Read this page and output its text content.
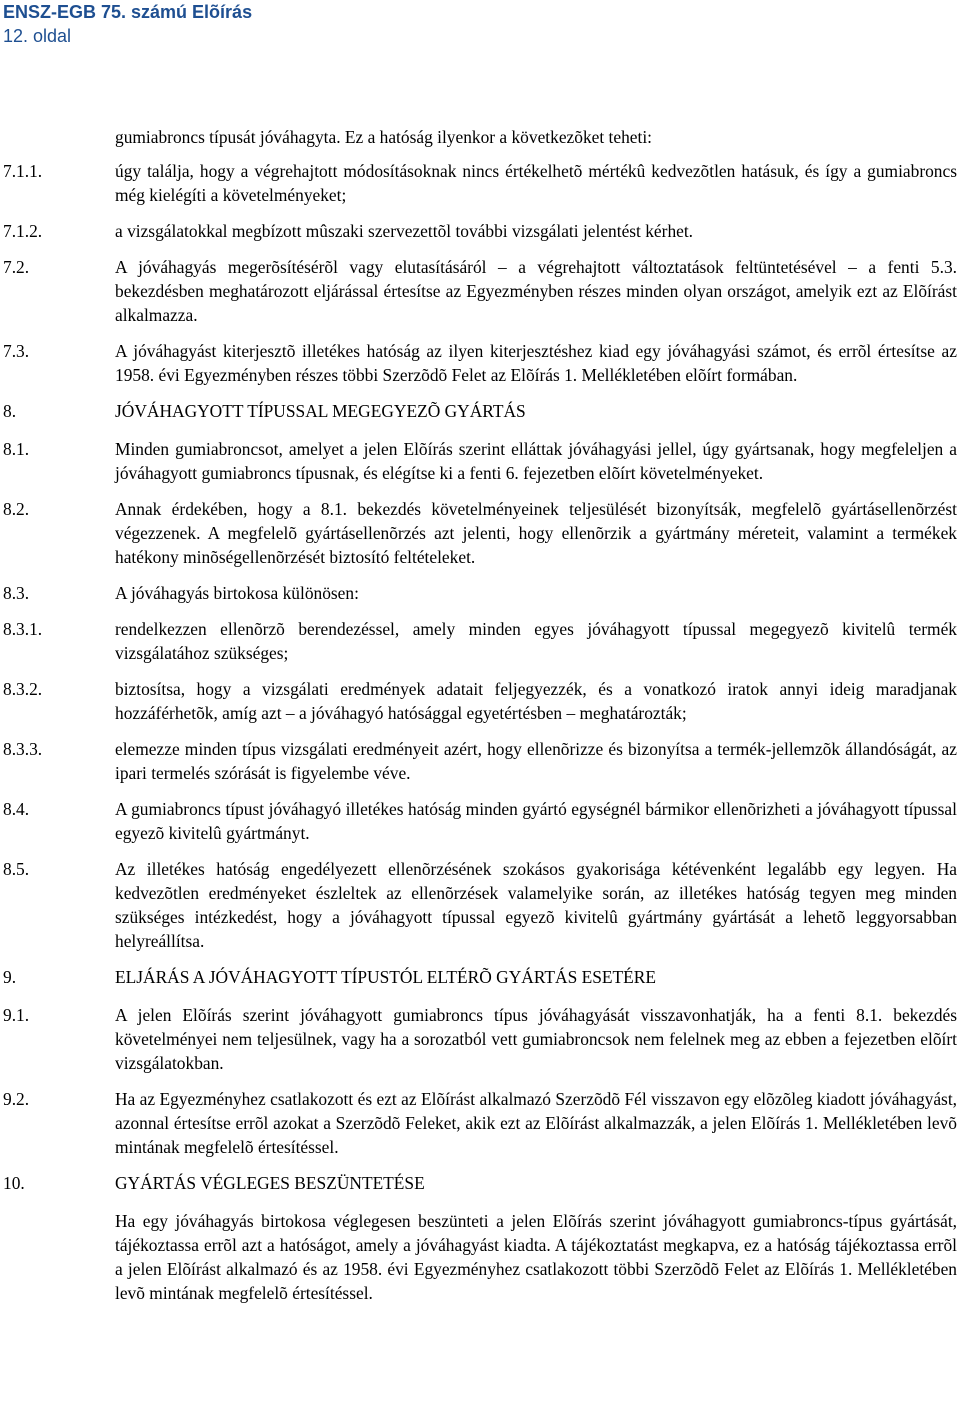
ENSZ-EGB 75. számú Elõírás
12. oldal
gumiabroncs típusát jóváhagyta. Ez a hatóság ilyenkor a következõket teheti:
7.1.1.	úgy találja, hogy a végrehajtott módosításoknak nincs értékelhetõ mértékû kedvezõtlen hatásuk, és így a gumiabroncs még kielégíti a követelményeket;
7.1.2.	a vizsgálatokkal megbízott mûszaki szervezettõl további vizsgálati jelentést kérhet.
7.2.	A jóváhagyás megerõsítésérõl vagy elutasításáról – a végrehajtott változtatások feltüntetésével – a fenti 5.3. bekezdésben meghatározott eljárással értesítse az Egyezményben részes minden olyan országot, amelyik ezt az Elõírást alkalmazza.
7.3.	A jóváhagyást kiterjesztõ illetékes hatóság az ilyen kiterjesztéshez kiad egy jóváhagyási számot, és errõl értesítse az 1958. évi Egyezményben részes többi Szerzõdõ Felet az Elõírás 1. Mellékletében elõírt formában.
8.	JÓVÁHAGYOTT TÍPUSSAL MEGEGYEZÕ GYÁRTÁS
8.1.	Minden gumiabroncsot, amelyet a jelen Elõírás szerint elláttak jóváhagyási jellel, úgy gyártsanak, hogy megfeleljen a jóváhagyott gumiabroncs típusnak, és elégítse ki a fenti 6. fejezetben elõírt követelményeket.
8.2.	Annak érdekében, hogy a 8.1. bekezdés követelményeinek teljesülését bizonyítsák, megfelelõ gyártásellenõrzést végezzenek. A megfelelõ gyártásellenõrzés azt jelenti, hogy ellenõrzik a gyártmány méreteit, valamint a termékek hatékony minõségellenõrzését biztosító feltételeket.
8.3.	A jóváhagyás birtokosa különösen:
8.3.1.	rendelkezzen ellenõrzõ berendezéssel, amely minden egyes jóváhagyott típussal megegyezõ kivitelû termék vizsgálatához szükséges;
8.3.2.	biztosítsa, hogy a vizsgálati eredmények adatait feljegyezzék, és a vonatkozó iratok annyi ideig maradjanak hozzáférhetõk, amíg azt – a jóváhagyó hatósággal egyetértésben – meghatározták;
8.3.3.	elemezze minden típus vizsgálati eredményeit azért, hogy ellenõrizze és bizonyítsa a termék-jellemzõk állandóságát, az ipari termelés szórását is figyelembe véve.
8.4.	A gumiabroncs típust jóváhagyó illetékes hatóság minden gyártó egységnél bármikor ellenõrizheti a jóváhagyott típussal egyezõ kivitelû gyártmányt.
8.5.	Az illetékes hatóság engedélyezett ellenõrzésének szokásos gyakorisága kétévenként legalább egy legyen. Ha kedvezõtlen eredményeket észleltek az ellenõrzések valamelyike során, az illetékes hatóság tegyen meg minden szükséges intézkedést, hogy a jóváhagyott típussal egyezõ kivitelû gyártmány gyártását a lehetõ leggyorsabban helyreállítsa.
9.	ELJÁRÁS A JÓVÁHAGYOTT TÍPUSTÓL ELTÉRÕ GYÁRTÁS ESETÉRE
9.1.	A jelen Elõírás szerint jóváhagyott gumiabroncs típus jóváhagyását visszavonhatják, ha a fenti 8.1. bekezdés követelményei nem teljesülnek, vagy ha a sorozatból vett gumiabroncsok nem felelnek meg az ebben a fejezetben elõírt vizsgálatokban.
9.2.	Ha az Egyezményhez csatlakozott és ezt az Elõírást alkalmazó Szerzõdõ Fél visszavon egy elõzõleg kiadott jóváhagyást, azonnal értesítse errõl azokat a Szerzõdõ Feleket, akik ezt az Elõírást alkalmazzák, a jelen Elõírás 1. Mellékletében levõ mintának megfelelõ értesítéssel.
10.	GYÁRTÁS VÉGLEGES BESZÜNTETÉSE
Ha egy jóváhagyás birtokosa véglegesen beszünteti a jelen Elõírás szerint jóváhagyott gumiabroncs-típus gyártását, tájékoztassa errõl azt a hatóságot, amely a jóváhagyást kiadta. A tájékoztatást megkapva, ez a hatóság tájékoztassa errõl a jelen Elõírást alkalmazó és az 1958. évi Egyezményhez csatlakozott többi Szerzõdõ Felet az Elõírás 1. Mellékletében levõ mintának megfelelõ értesítéssel.
